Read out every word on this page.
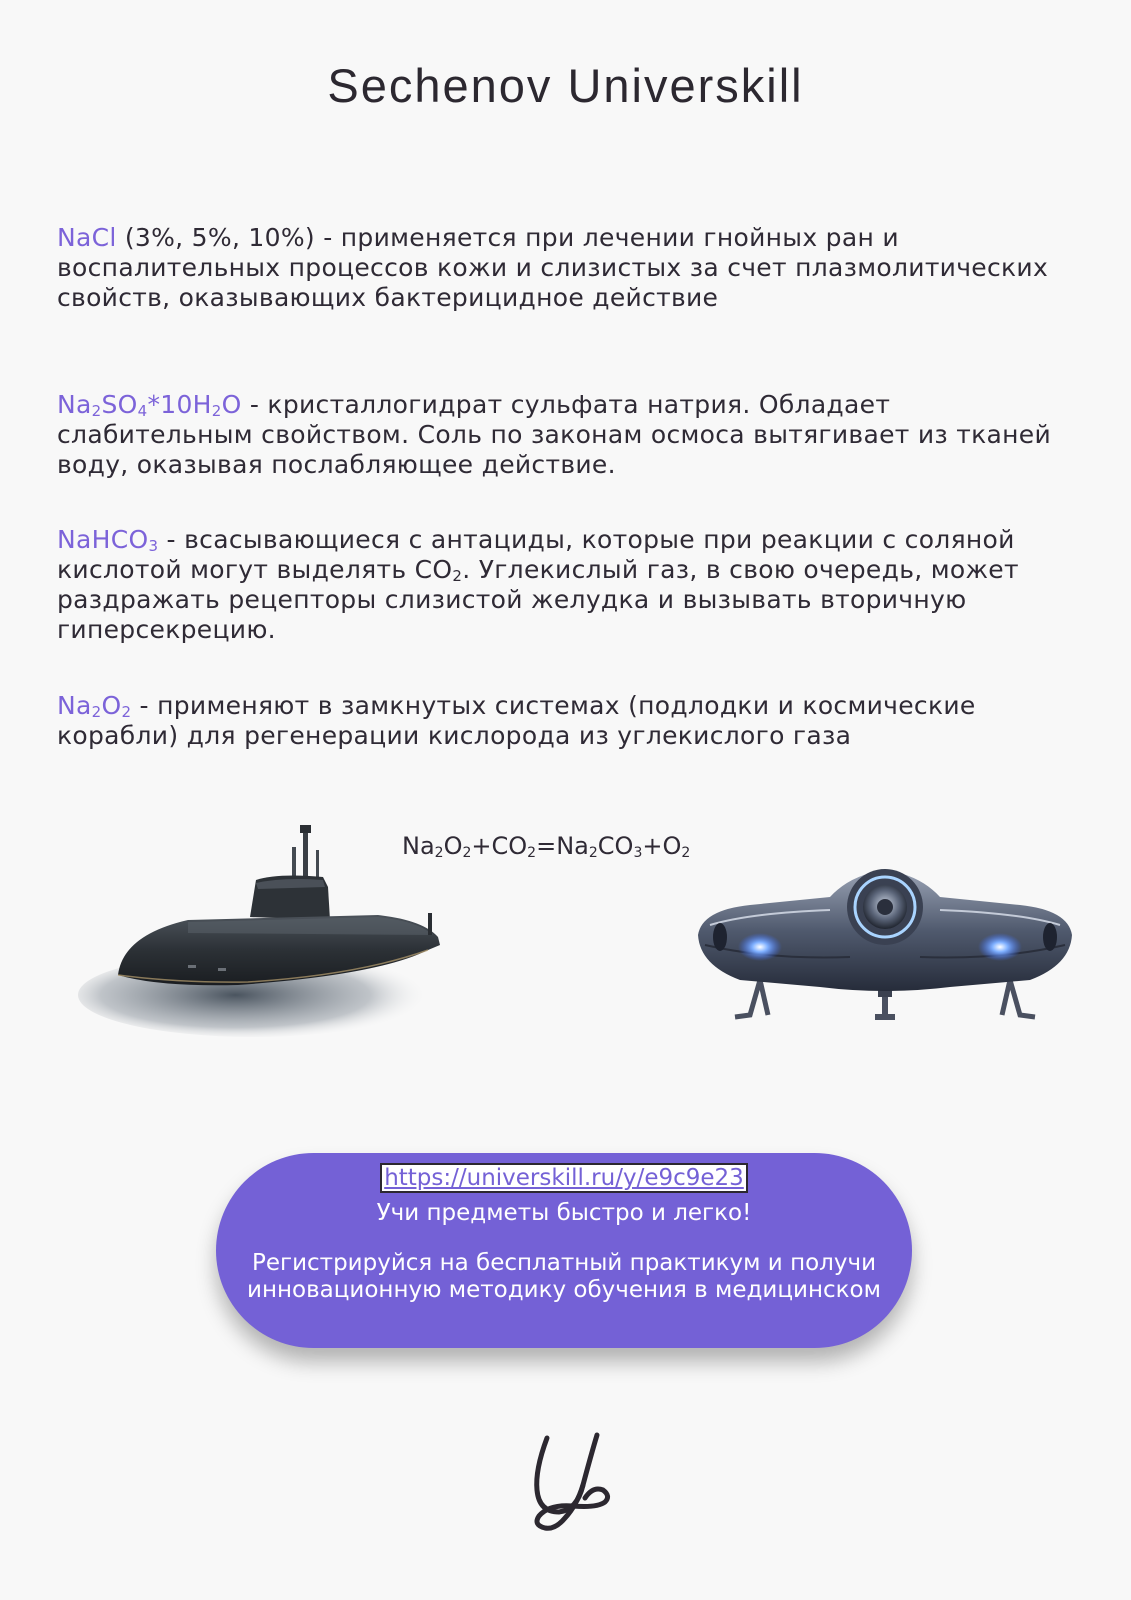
Sechenov Universkill
NaCl (3%, 5%, 10%) - применяется при лечении гнойных ран и воспалительных процессов кожи и слизистых за счет плазмолитических свойств, оказывающих бактерицидное действие
$Na_2SO_4*10H_2O$ - кристаллогидрат сульфата натрия. Обладает слабительным свойством. Соль по законам осмоса вытягивает из тканей воду, оказывая послабляющее действие.
NaHCO$_3$ - всасывающиеся с антациды, которые при реакции с соляной кислотой могут выделять $CO_2$. Углекислый газ, в свою очередь, может раздражать рецепторы слизистой желудка и вызывать вторичную гиперсекрецию.
$Na_2O_2$ - применяют в замкнутых системах (подлодки и космические корабли) для регенерации кислорода из углекислого газа
$Na_2O_2+CO_2=Na_2CO_3+O_2$
https://universkill.ru/y/e9c9e23
Учи предметы быстро и легко!
Регистрируйся на бесплатный практикум и получи инновационную методику обучения в медицинском
